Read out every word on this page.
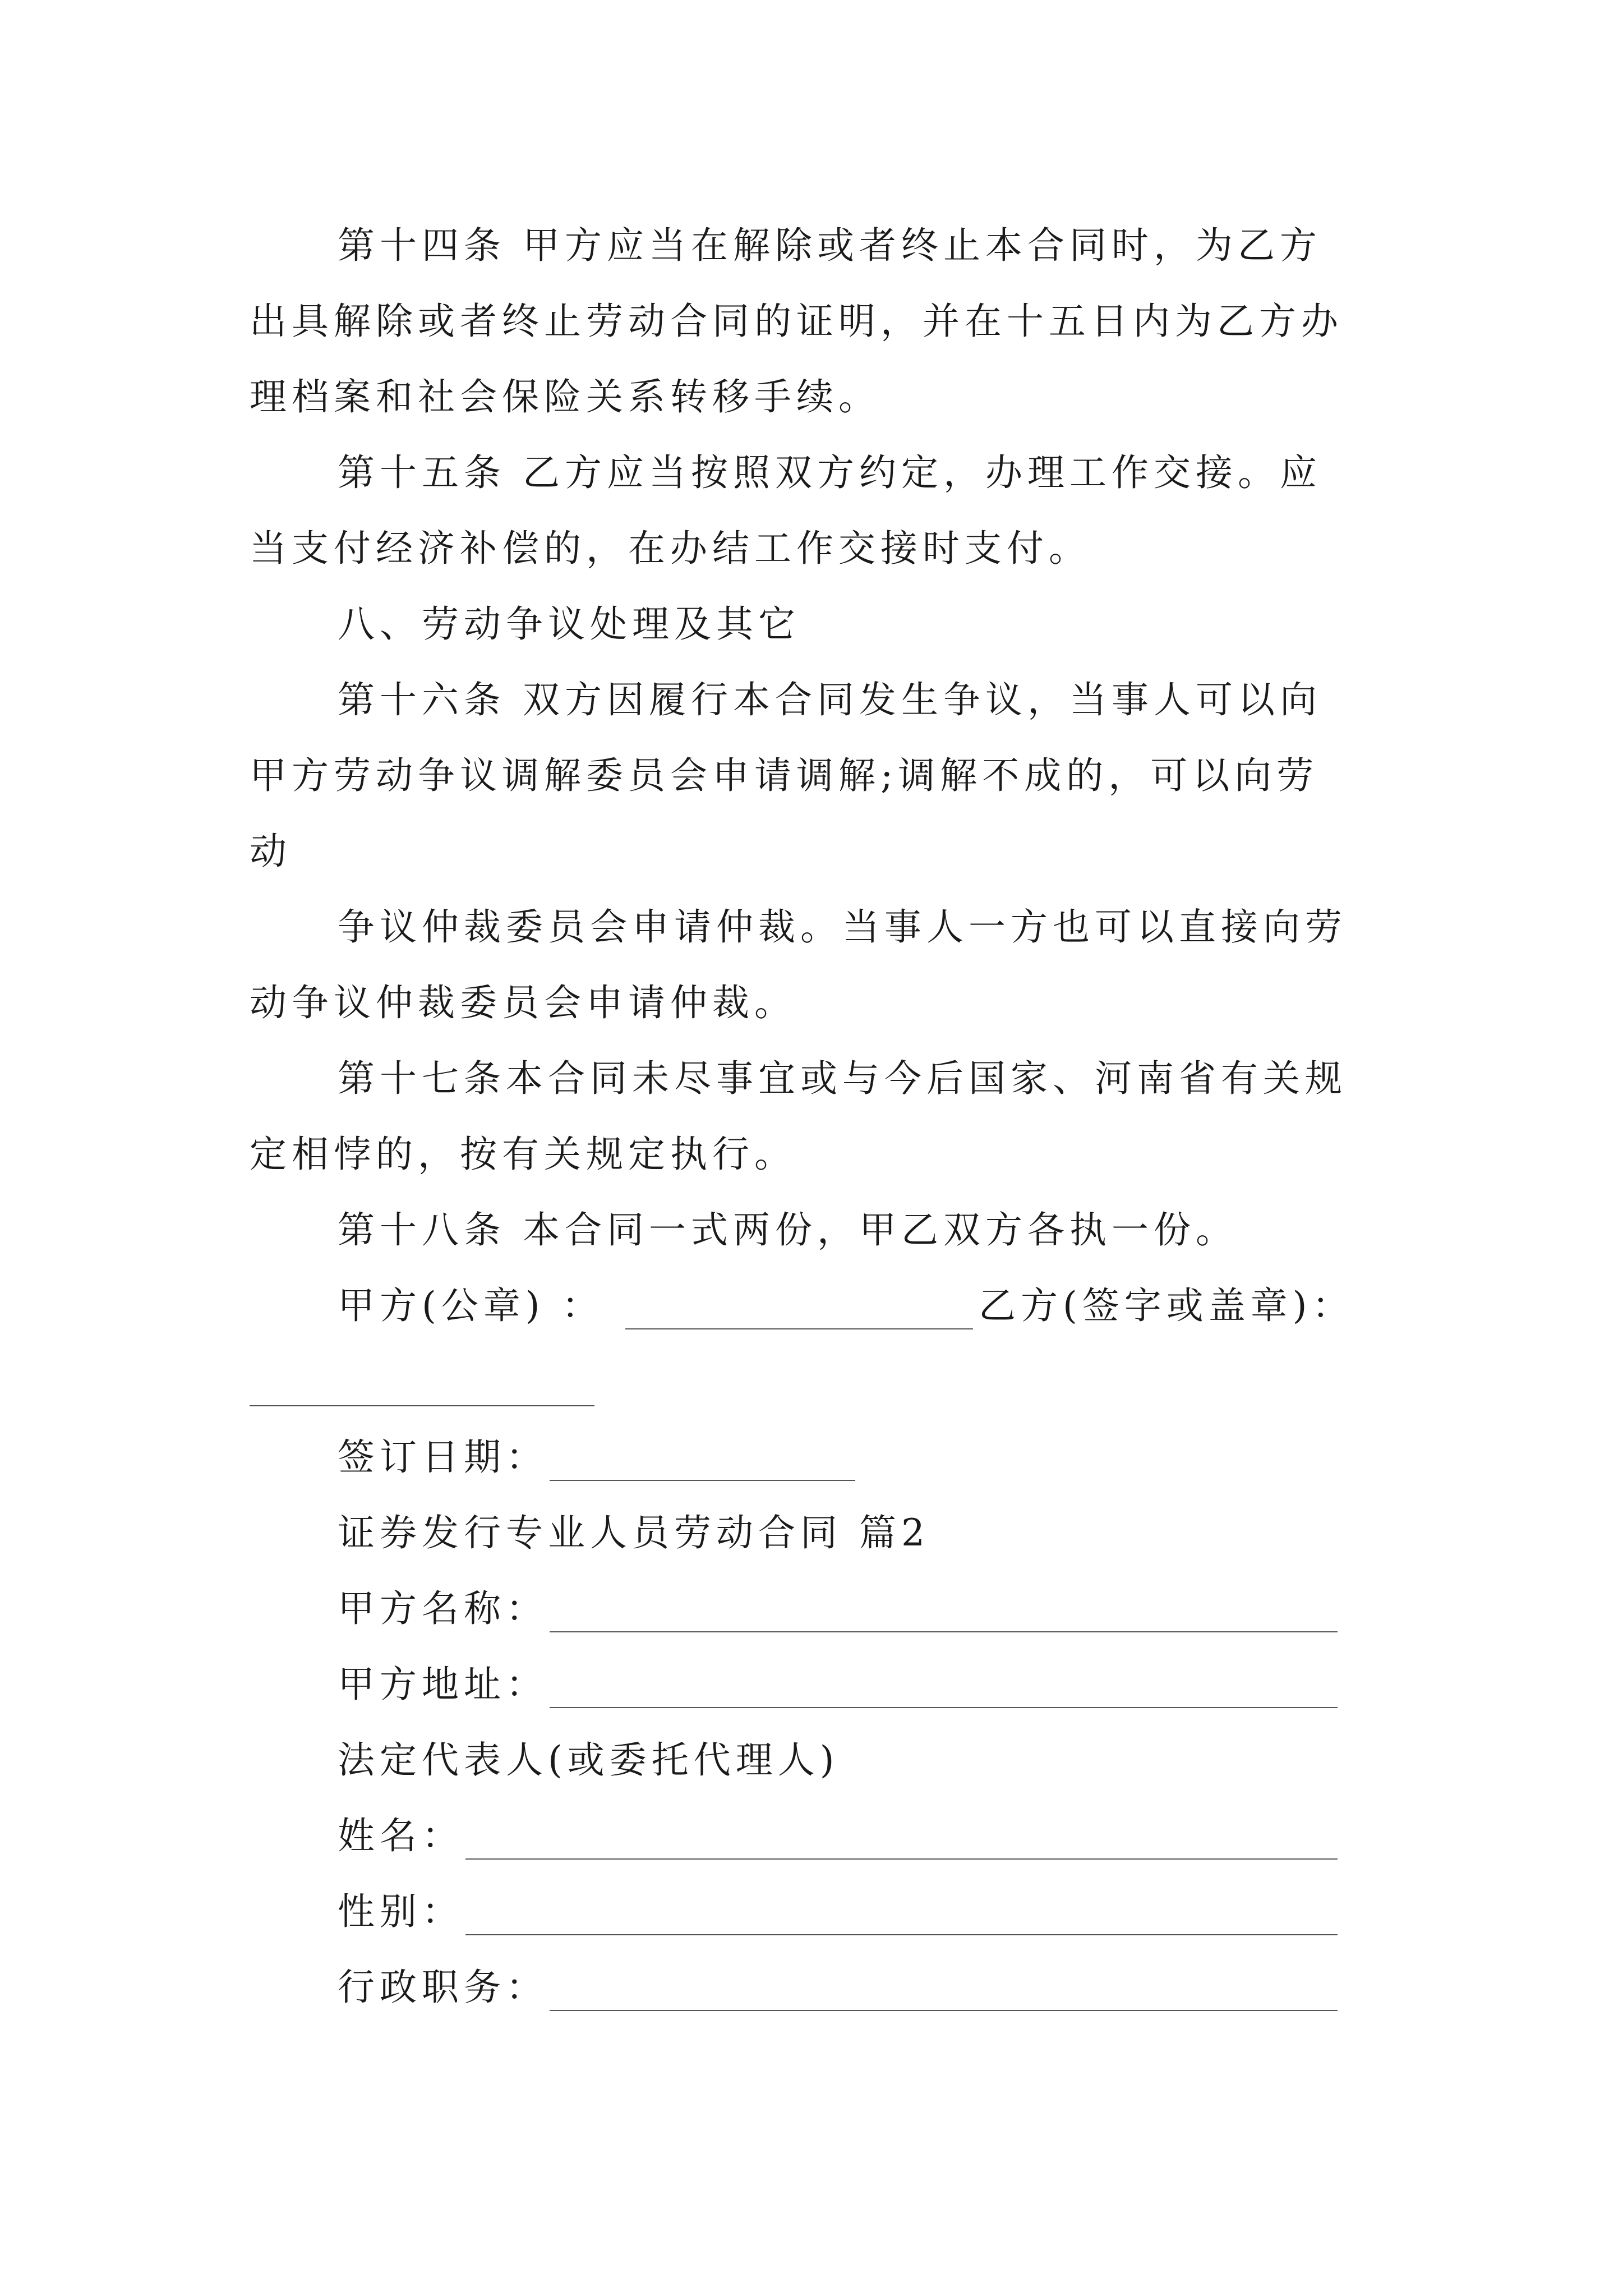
第十四条 甲方应当在解除或者终止本合同时，为乙方
出具解除或者终止劳动合同的证明，并在十五日内为乙方办
理档案和社会保险关系转移手续。
第十五条 乙方应当按照双方约定，办理工作交接。应
当支付经济补偿的，在办结工作交接时支付。
八、劳动争议处理及其它
第十六条 双方因履行本合同发生争议，当事人可以向
甲方劳动争议调解委员会申请调解;调解不成的，可以向劳
动
争议仲裁委员会申请仲裁。当事人一方也可以直接向劳
动争议仲裁委员会申请仲裁。
第十七条本合同未尽事宜或与今后国家、河南省有关规
定相悖的，按有关规定执行。
第十八条 本合同一式两份，甲乙双方各执一份。
甲方(公章) ：	乙方(签字或盖章)：
签订日期：
证券发行专业人员劳动合同 篇2
甲方名称：
甲方地址：
法定代表人(或委托代理人)
姓名：
性别：
行政职务：
